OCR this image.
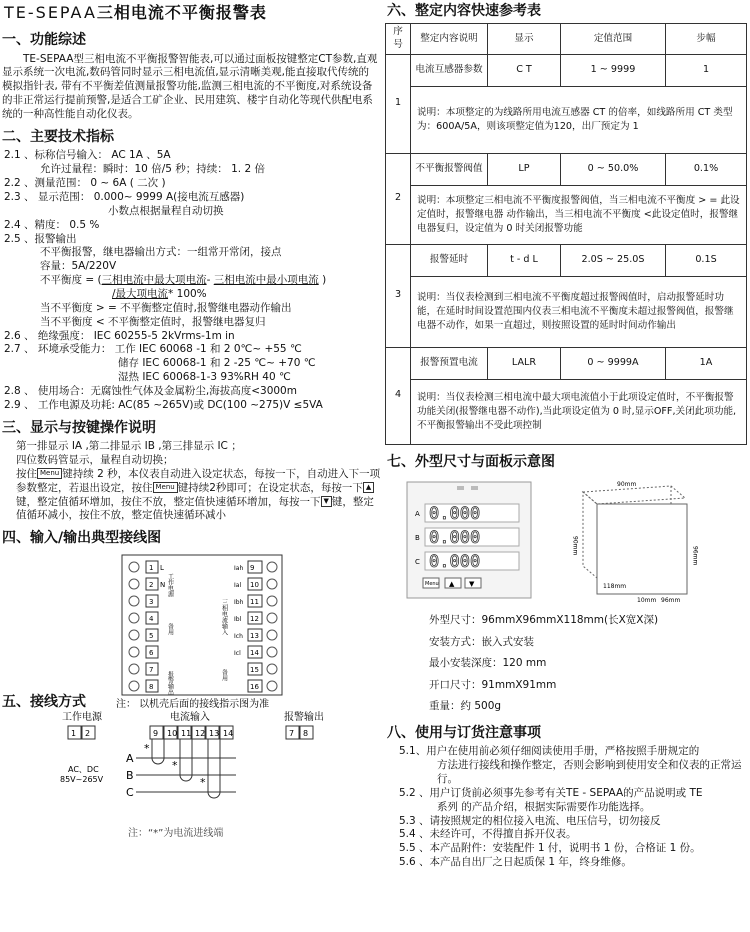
TE-SEPAA三相电流不平衡报警表
一、功能综述
TE-SEPAA型三相电流不平衡报警智能表,可以通过面板按键整定CT参数,直观显示系统一次电流,数码管同时显示三相电流值,显示清晰美观,能直接取代传统的模拟指针表, 带有不平衡差值测量报警功能,监测三相电流的不平衡度,对系统设备的非正常运行提前预警,是适合工矿企业、民用建筑、楼宇自动化等现代供配电系统的一种高性能自动化仪表。
二、主要技术指标
2.1 、标称信号输入： AC 1A 、5A
允许过量程：瞬时：10 倍/5 秒；持续： 1. 2 倍
2.2 、测量范围： 0 ~ 6A ( 二次 )
2.3 、 显示范围： 0.000~ 9999 A(接电流互感器)
小数点根据量程自动切换
2.4 、精度： 0.5 %
2.5 、报警输出
不平衡报警，继电器输出方式：一组常开常闭，接点
容量：5A/220V
不平衡度 = (三相电流中最大项电流- 三相电流中最小项电流 )
/最大项电流* 100%
当不平衡度 > = 不平衡整定值时,报警继电器动作输出
当不平衡度 < 不平衡整定值时，报警继电器复归
2.6 、 绝缘强度： IEC 60255-5 2kVrms-1m in
2.7 、 环境承受能力： 工作 IEC 60068 -1 和 2 0℃~ +55 ℃
储存 IEC 60068-1 和 2 -25 ℃~ +70 ℃
湿热 IEC 60068-1-3 93%RH 40 ℃
2.8 、 使用场合：无腐蚀性气体及金属粉尘,海拔高度<3000m
2.9 、 工作电源及功耗: AC(85 ~265V)或 DC(100 ~275)V ≤5VA
三、显示与按键操作说明
第一排显示 IA ,第二排显示 IB ,第三排显示 IC ；
四位数码管显示，量程自动切换；
按住 Menu 键持续 2 秒，本仪表自动进入设定状态，每按一下，自动进入下一项参数整定，若退出设定，按住 Menu 键持续2秒即可；在设定状态，每按一下 ▲键，整定值循环增加，按住不放，整定值快速循环增加，每按一下 ▼ 键，整定值循环减小，按住不放，整定值快速循环减小
四、输入/输出典型接线图
1
2
3
4
5
6
7
8
L
N
Iah 9
Ial 10
Ibh 11
Ibl 12
Ich 13
Icl 14
15
16
工作电源
备用
报警输出
三相电流输入
备用
注： 以机壳后面的接线指示图为准
五、接线方式
工作电源
1 2
AC、DC
85V~265V
电流输入
9 10 11 12 13 14
A
*
B
*
C
*
报警输出
7 8
注：“*”为电流进线端
六、整定内容快速参考表
序号	整定内容说明	显示	定值范围	步幅
1	电流互感器参数	C T	1 ~ 9999	1
	说明：本项整定的为线路所用电流互感器 CT 的倍率，如线路所用 CT 类型为：600A/5A，则该项整定值为120，出厂预定为 1			
2	不平衡报警阀值	LP	0 ~ 50.0%	0.1%
	说明：本项整定三相电流不平衡度报警阀值，当三相电流不平衡度 > = 此设定值时，报警继电器 动作输出，当三相电流不平衡度 <此设定值时，报警继电器复归，设定值为 0 时关闭报警功能			
3	报警延时	t - d L	2.0S ~ 25.0S	0.1S
	说明：当仪表检测到三相电流不平衡度超过报警阀值时，启动报警延时功能，在延时时间设置范围内仪表三相电流不平衡度未超过报警阀值，报警继电器不动作，如果一直超过，则按照设置的延时时间动作输出			
4	报警预置电流	LALR	0 ~ 9999A	1A
	说明：当仪表检测三相电流中最大项电流值小于此项设定值时，不平衡报警功能关闭(报警继电器不动作),当此项设定值为 0 时,显示OFF,关闭此项功能,不平衡报警输出不受此项控制			
七、外型尺寸与面板示意图
A 0.000
B 0.000
C 0.000
Menu ▲ ▼
90mm
90mm
118mm
10mm 96mm
96mm
外型尺寸：96mmX96mmX118mm(长X宽X深)
安装方式：嵌入式安装
最小安装深度：120 mm
开口尺寸：91mmX91mm
重量：约 500g
八、使用与订货注意事项
5.1、用户在使用前必须仔细阅读使用手册，严格按照手册规定的
方法进行接线和操作整定，否则会影响到使用安全和仪表的正常运行。
5.2 、用户订货前必须事先参考有关TE - SEPAA的产品说明或 TE
系列 的产品介绍，根据实际需要作功能选择。
5.3 、请按照规定的相位接入电流、电压信号，切勿接反
5.4 、未经许可，不得擅自拆开仪表。
5.5 、本产品附件：安装配件 1 付，说明书 1 份，合格证 1 份。
5.6 、本产品自出厂之日起质保 1 年，终身维修。
